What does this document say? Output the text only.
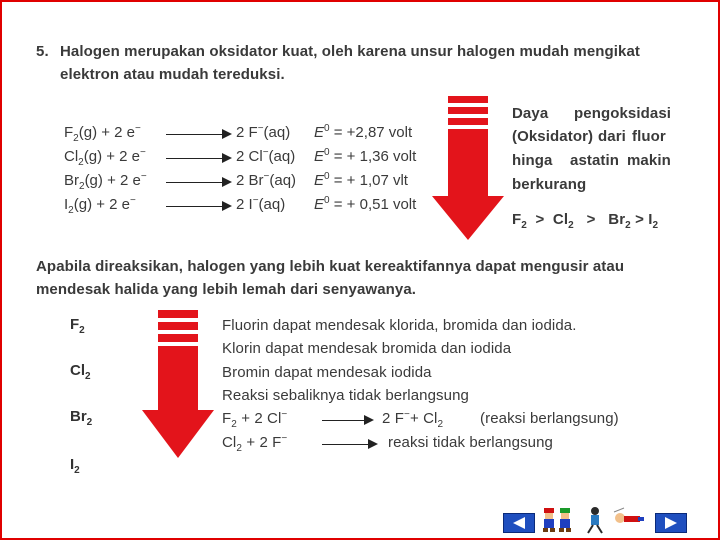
5. Halogen merupakan oksidator kuat, oleh karena unsur halogen mudah mengikat
elektron atau mudah tereduksi.
$F_2(g) + 2$ e− → 2 F−(aq) $E^0 = +2,87$ volt
$Cl_2(g) + 2$ e− → 2 Cl−(aq) $E^0$ = + 1,36 volt
$Br_2(g) + 2$ e− → 2 Br−(aq) $E^0$ = + 1,07 vlt
$I_2(g) + 2$ e− → 2 I−(aq) $E^0$ = + 0,51 volt
Daya pengoksidasi
(Oksidator) dari fluor
hinga astatin makin
berkurang
$F_2 > Cl_2 > Br_2 > I_2$
Apabila direaksikan, halogen yang lebih kuat kereaktifannya dapat mengusir atau
mendesak halida yang lebih lemah dari senyawanya.
$F_2$
$Cl_2$
$Br_2$
$I_2$
Fluorin dapat mendesak klorida, bromida dan iodida.
Klorin dapat mendesak bromida dan iodida
Bromin dapat mendesak iodida
Reaksi sebaliknya tidak berlangsung
$F_2 + 2$ Cl−	2 $F^-+ Cl_2$ (reaksi berlangsung)
$Cl_2 + 2$ F−	reaksi tidak berlangsung
